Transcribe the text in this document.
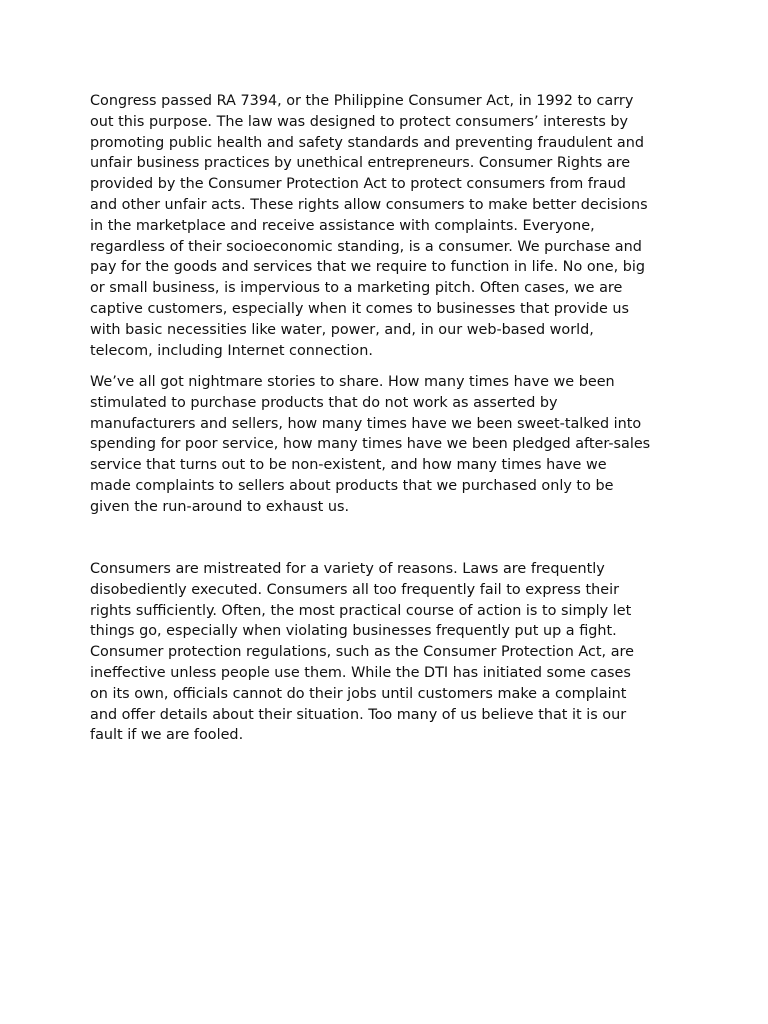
Congress passed RA 7394, or the Philippine Consumer Act, in 1992 to carry
out this purpose. The law was designed to protect consumers’ interests by
promoting public health and safety standards and preventing fraudulent and
unfair business practices by unethical entrepreneurs. Consumer Rights are
provided by the Consumer Protection Act to protect consumers from fraud
and other unfair acts. These rights allow consumers to make better decisions
in the marketplace and receive assistance with complaints. Everyone,
regardless of their socioeconomic standing, is a consumer. We purchase and
pay for the goods and services that we require to function in life. No one, big
or small business, is impervious to a marketing pitch. Often cases, we are
captive customers, especially when it comes to businesses that provide us
with basic necessities like water, power, and, in our web-based world,
telecom, including Internet connection.

We’ve all got nightmare stories to share. How many times have we been
stimulated to purchase products that do not work as asserted by
manufacturers and sellers, how many times have we been sweet-talked into
spending for poor service, how many times have we been pledged after-sales
service that turns out to be non-existent, and how many times have we
made complaints to sellers about products that we purchased only to be
given the run-around to exhaust us.

Consumers are mistreated for a variety of reasons. Laws are frequently
disobediently executed. Consumers all too frequently fail to express their
rights sufficiently. Often, the most practical course of action is to simply let
things go, especially when violating businesses frequently put up a fight.
Consumer protection regulations, such as the Consumer Protection Act, are
ineffective unless people use them. While the DTI has initiated some cases
on its own, officials cannot do their jobs until customers make a complaint
and offer details about their situation. Too many of us believe that it is our
fault if we are fooled.
